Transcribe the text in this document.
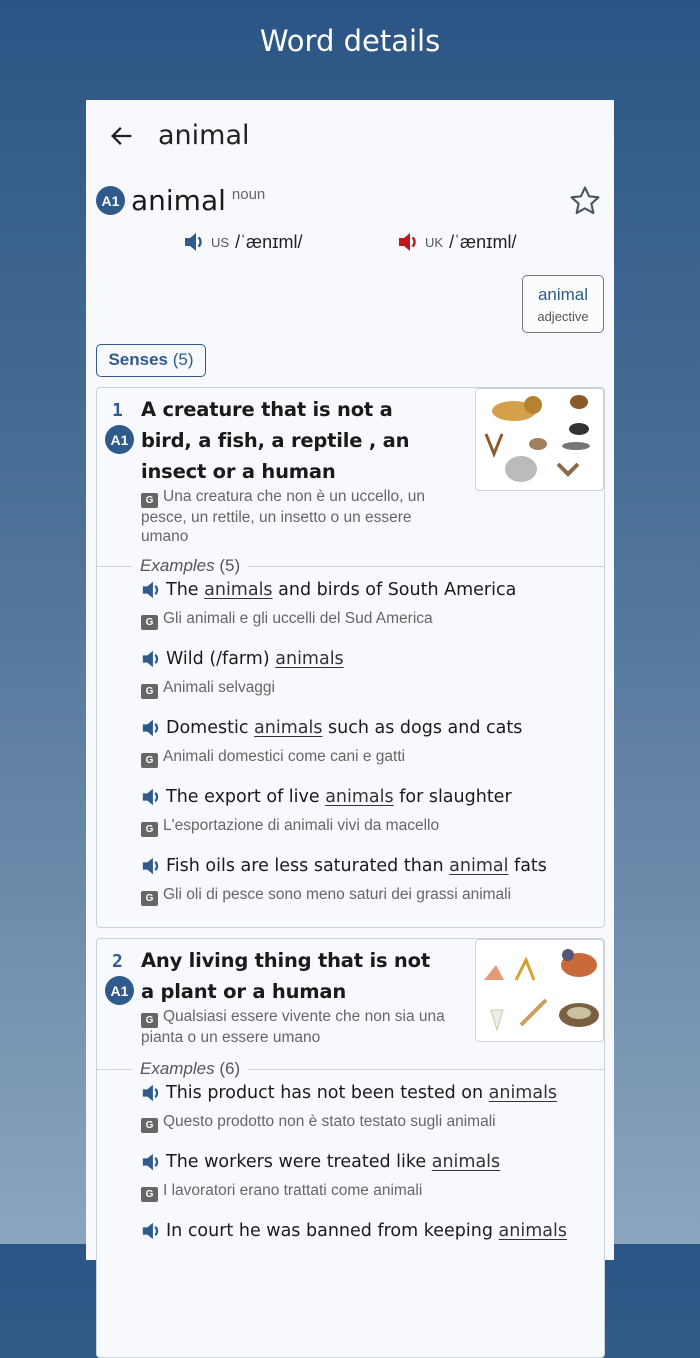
Word details
animal
A1 animal noun
US /ˈænɪml/	UK /ˈænɪml/
animal
adjective
Senses (5)
1
A1
A creature that is not a bird, a fish, a reptile , an insect or a human
G Una creatura che non è un uccello, un pesce, un rettile, un insetto o un essere umano
Examples (5)
The animals and birds of South America
G Gli animali e gli uccelli del Sud America
Wild (/farm) animals
G Animali selvaggi
Domestic animals such as dogs and cats
G Animali domestici come cani e gatti
The export of live animals for slaughter
G L'esportazione di animali vivi da macello
Fish oils are less saturated than animal fats
G Gli oli di pesce sono meno saturi dei grassi animali
2
A1
Any living thing that is not a plant or a human
G Qualsiasi essere vivente che non sia una pianta o un essere umano
Examples (6)
This product has not been tested on animals
G Questo prodotto non è stato testato sugli animali
The workers were treated like animals
G I lavoratori erano trattati come animali
In court he was banned from keeping animals
